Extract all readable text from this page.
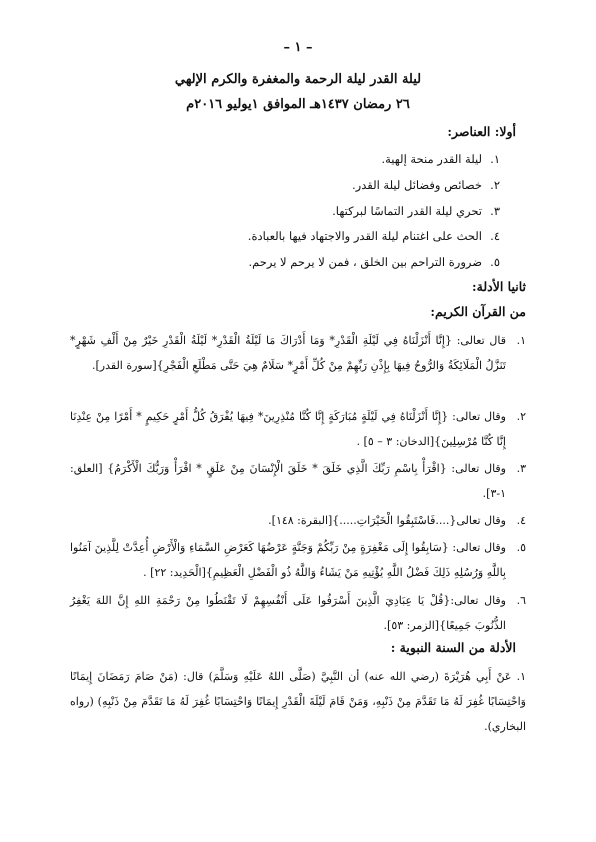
– ١ –
ليلة القدر ليلة الرحمة والمغفرة والكرم الإلهي
٢٦ رمضان ١٤٣٧هـ الموافق ١يوليو ٢٠١٦م
أولا: العناصر:
١.ليلة القدر منحة إلهية.
٢.خصائص وفضائل ليلة القدر.
٣.تحري ليلة القدر التماسًا لبركتها.
٤.الحث على اغتنام ليلة القدر والاجتهاد فيها بالعبادة.
٥.ضرورة التراحم بين الخلق ، فمن لا يرحم لا يرحم.
ثانيا الأدلة:
من القرآن الكريم:
١.
قال تعالى: {إِنَّا أَنْزَلْنَاهُ فِي لَيْلَةِ الْقَدْرِ* وَمَا أَدْرَاكَ مَا لَيْلَةُ الْقَدْرِ* لَيْلَةُ الْقَدْرِ خَيْرٌ مِنْ أَلْفِ شَهْرٍ* تَنَزَّلُ الْمَلَائِكَةُ وَالرُّوحُ فِيهَا بِإِذْنِ رَبِّهِمْ مِنْ كُلِّ أَمْرٍ* سَلَامٌ هِيَ حَتَّى مَطْلَعِ الْفَجْرِ}[سورة القدر].
٢.
وقال تعالى: {إِنَّا أَنْزَلْنَاهُ فِي لَيْلَةٍ مُبَارَكَةٍ إِنَّا كُنَّا مُنْذِرِينَ* فِيهَا يُفْرَقُ كُلُّ أَمْرٍ حَكِيمٍ * أَمْرًا مِنْ عِنْدِنَا إِنَّا كُنَّا مُرْسِلِينَ}[الدخان: ٣ – ٥] .
٣.
وقال تعالى: {اقْرَأْ بِاسْمِ رَبِّكَ الَّذِي خَلَقَ * خَلَقَ الْإِنْسَانَ مِنْ عَلَقٍ * اقْرَأْ وَرَبُّكَ الْأَكْرَمُ} [العلق: ١-٣].
٤.
وقال تعالى{....فَاسْتَبِقُوا الْخَيْرَاتِ.....}[البقرة: ١٤٨].
٥.
وقال تعالى: {سَابِقُوا إِلَى مَغْفِرَةٍ مِنْ رَبِّكُمْ وَجَنَّةٍ عَرْضُهَا كَعَرْضِ السَّمَاءِ وَالْأَرْضِ أُعِدَّتْ لِلَّذِينَ آمَنُوا بِاللَّهِ وَرُسُلِهِ ذَلِكَ فَضْلُ اللَّهِ يُؤْتِيهِ مَنْ يَشَاءُ وَاللَّهُ ذُو الْفَضْلِ الْعَظِيمِ}[الْحَدِيد: ٢٢] .
٦.
وقال تعالى:{قُلْ يَا عِبَادِيَ الَّذِينَ أَسْرَفُوا عَلَى أَنْفُسِهِمْ لَا تَقْنَطُوا مِنْ رَحْمَةِ اللهِ إِنَّ اللهَ يَغْفِرُ الذُّنُوبَ جَمِيعًا}[الزمر: ٥٣].
الأدلة من السنة النبوية :
١. عَنْ أَبِي هُرَيْرَةَ (رضي الله عنه) أن النَّبِيَّ (صَلَّى اللهُ عَلَيْهِ وَسَلَّمَ) قال: (مَنْ صَامَ رَمَضَانَ إِيمَانًا وَاحْتِسَابًا غُفِرَ لَهُ مَا تَقَدَّمَ مِنْ ذَنْبِهِ، وَمَنْ قَامَ لَيْلَةَ الْقَدْرِ إِيمَانًا وَاحْتِسَابًا غُفِرَ لَهُ مَا تَقَدَّمَ مِنْ ذَنْبِهِ) (رواه البخاري).
